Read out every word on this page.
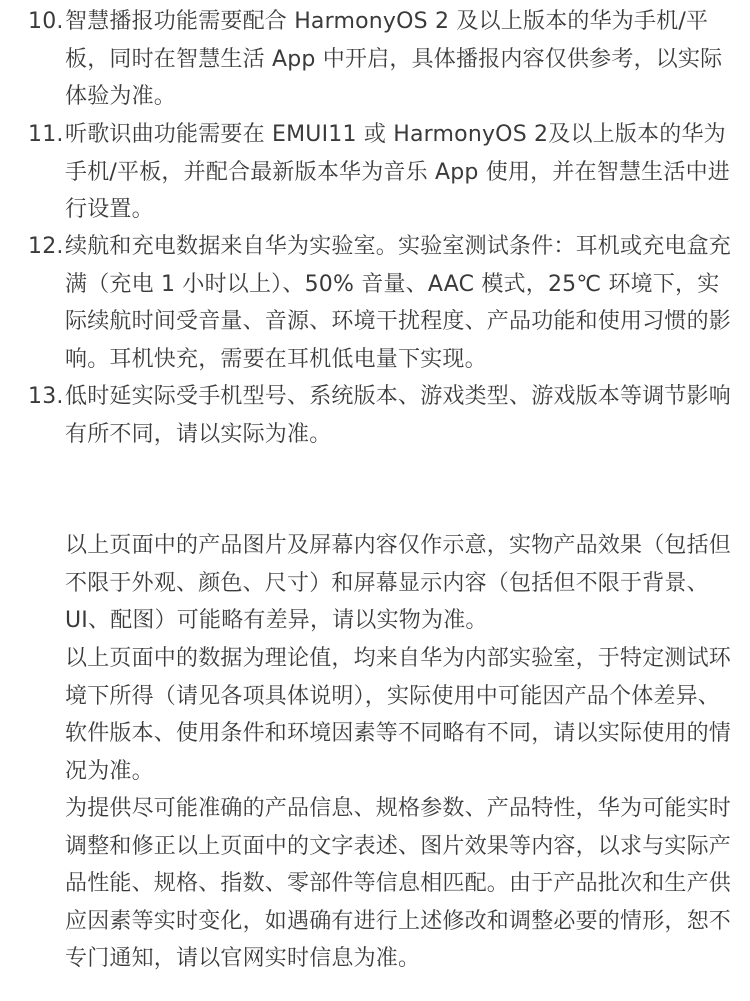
10. 智慧播报功能需要配合 HarmonyOS 2 及以上版本的华为手机/平板，同时在智慧生活 App 中开启，具体播报内容仅供参考，以实际体验为准。
11. 听歌识曲功能需要在 EMUI11 或 HarmonyOS 2及以上版本的华为手机/平板，并配合最新版本华为音乐 App 使用，并在智慧生活中进行设置。
12. 续航和充电数据来自华为实验室。实验室测试条件：耳机或充电盒充满（充电 1 小时以上）、50% 音量、AAC 模式，25℃ 环境下，实际续航时间受音量、音源、环境干扰程度、产品功能和使用习惯的影响。耳机快充，需要在耳机低电量下实现。
13. 低时延实际受手机型号、系统版本、游戏类型、游戏版本等调节影响有所不同，请以实际为准。
以上页面中的产品图片及屏幕内容仅作示意，实物产品效果（包括但不限于外观、颜色、尺寸）和屏幕显示内容（包括但不限于背景、UI、配图）可能略有差异，请以实物为准。
以上页面中的数据为理论值，均来自华为内部实验室，于特定测试环境下所得（请见各项具体说明），实际使用中可能因产品个体差异、软件版本、使用条件和环境因素等不同略有不同，请以实际使用的情况为准。
为提供尽可能准确的产品信息、规格参数、产品特性，华为可能实时调整和修正以上页面中的文字表述、图片效果等内容，以求与实际产品性能、规格、指数、零部件等信息相匹配。由于产品批次和生产供应因素等实时变化，如遇确有进行上述修改和调整必要的情形，恕不专门通知，请以官网实时信息为准。
